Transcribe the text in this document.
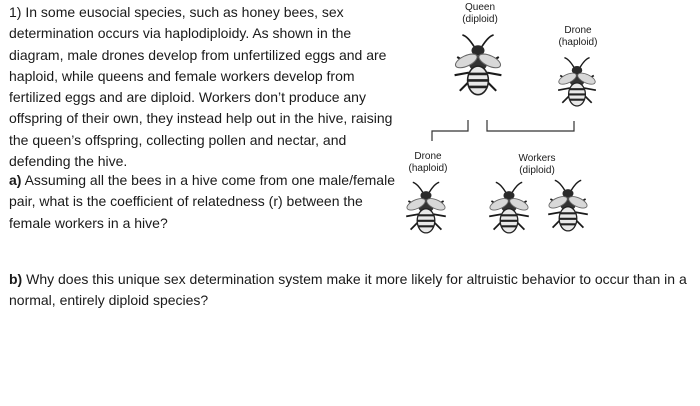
1) In some eusocial species, such as honey bees, sex determination occurs via haplodiploidy. As shown in the diagram, male drones develop from unfertilized eggs and are haploid, while queens and female workers develop from fertilized eggs and are diploid. Workers don’t produce any offspring of their own, they instead help out in the hive, raising the queen’s offspring, collecting pollen and nectar, and defending the hive.

a) Assuming all the bees in a hive come from one male/female pair, what is the coefficient of relatedness (r) between the female workers in a hive?

b) Why does this unique sex determination system make it more likely for altruistic behavior to occur than in a normal, entirely diploid species?

Queen
(diploid)
Drone
(haploid)
Drone
(haploid)
Workers
(diploid)
